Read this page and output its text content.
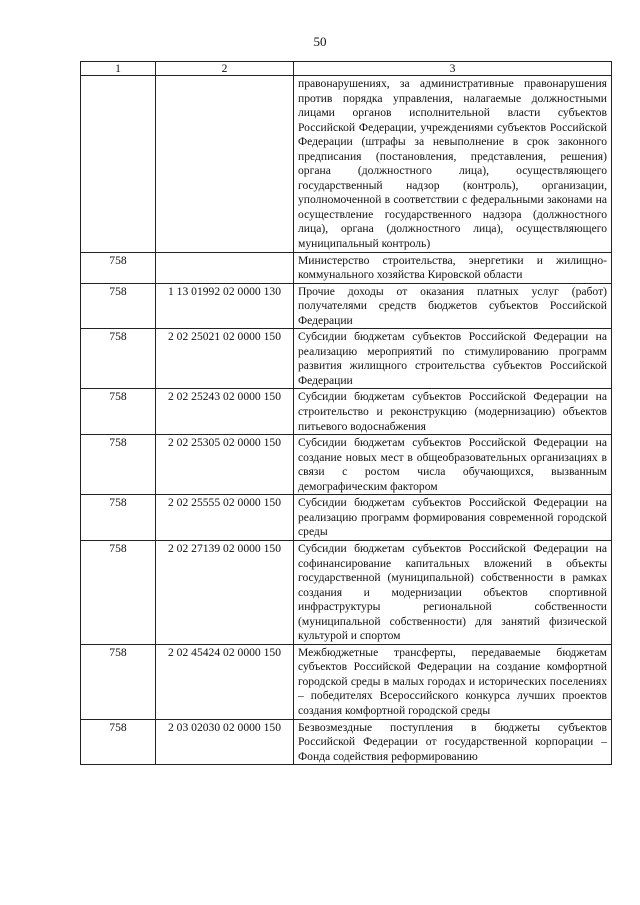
50
1	2	3
		правонарушениях, за административные правонарушения против порядка управления, налагаемые должностными лицами органов исполнительной власти субъектов Российской Федерации, учреждениями субъектов Российской Федерации (штрафы за невыполнение в срок законного предписания (постановления, представления, решения) органа (должностного лица), осуществляющего государственный надзор (контроль), организации, уполномоченной в соответствии с федеральными законами на осуществление государственного надзора (должностного лица), органа (должностного лица), осуществляющего муниципальный контроль)
758		Министерство строительства, энергетики и жилищно-коммунального хозяйства Кировской области
758	1 13 01992 02 0000 130	Прочие доходы от оказания платных услуг (работ) получателями средств бюджетов субъектов Российской Федерации
758	2 02 25021 02 0000 150	Субсидии бюджетам субъектов Российской Федерации на реализацию мероприятий по стимулированию программ развития жилищного строительства субъектов Российской Федерации
758	2 02 25243 02 0000 150	Субсидии бюджетам субъектов Российской Федерации на строительство и реконструкцию (модернизацию) объектов питьевого водоснабжения
758	2 02 25305 02 0000 150	Субсидии бюджетам субъектов Российской Федерации на создание новых мест в общеобразовательных организациях в связи с ростом числа обучающихся, вызванным демографическим фактором
758	2 02 25555 02 0000 150	Субсидии бюджетам субъектов Российской Федерации на реализацию программ формирования современной городской среды
758	2 02 27139 02 0000 150	Субсидии бюджетам субъектов Российской Федерации на софинансирование капитальных вложений в объекты государственной (муниципальной) собственности в рамках создания и модернизации объектов спортивной инфраструктуры региональной собственности (муниципальной собственности) для занятий физической культурой и спортом
758	2 02 45424 02 0000 150	Межбюджетные трансферты, передаваемые бюджетам субъектов Российской Федерации на создание комфортной городской среды в малых городах и исторических поселениях – победителях Всероссийского конкурса лучших проектов создания комфортной городской среды
758	2 03 02030 02 0000 150	Безвозмездные поступления в бюджеты субъектов Российской Федерации от государственной корпорации – Фонда содействия реформированию
